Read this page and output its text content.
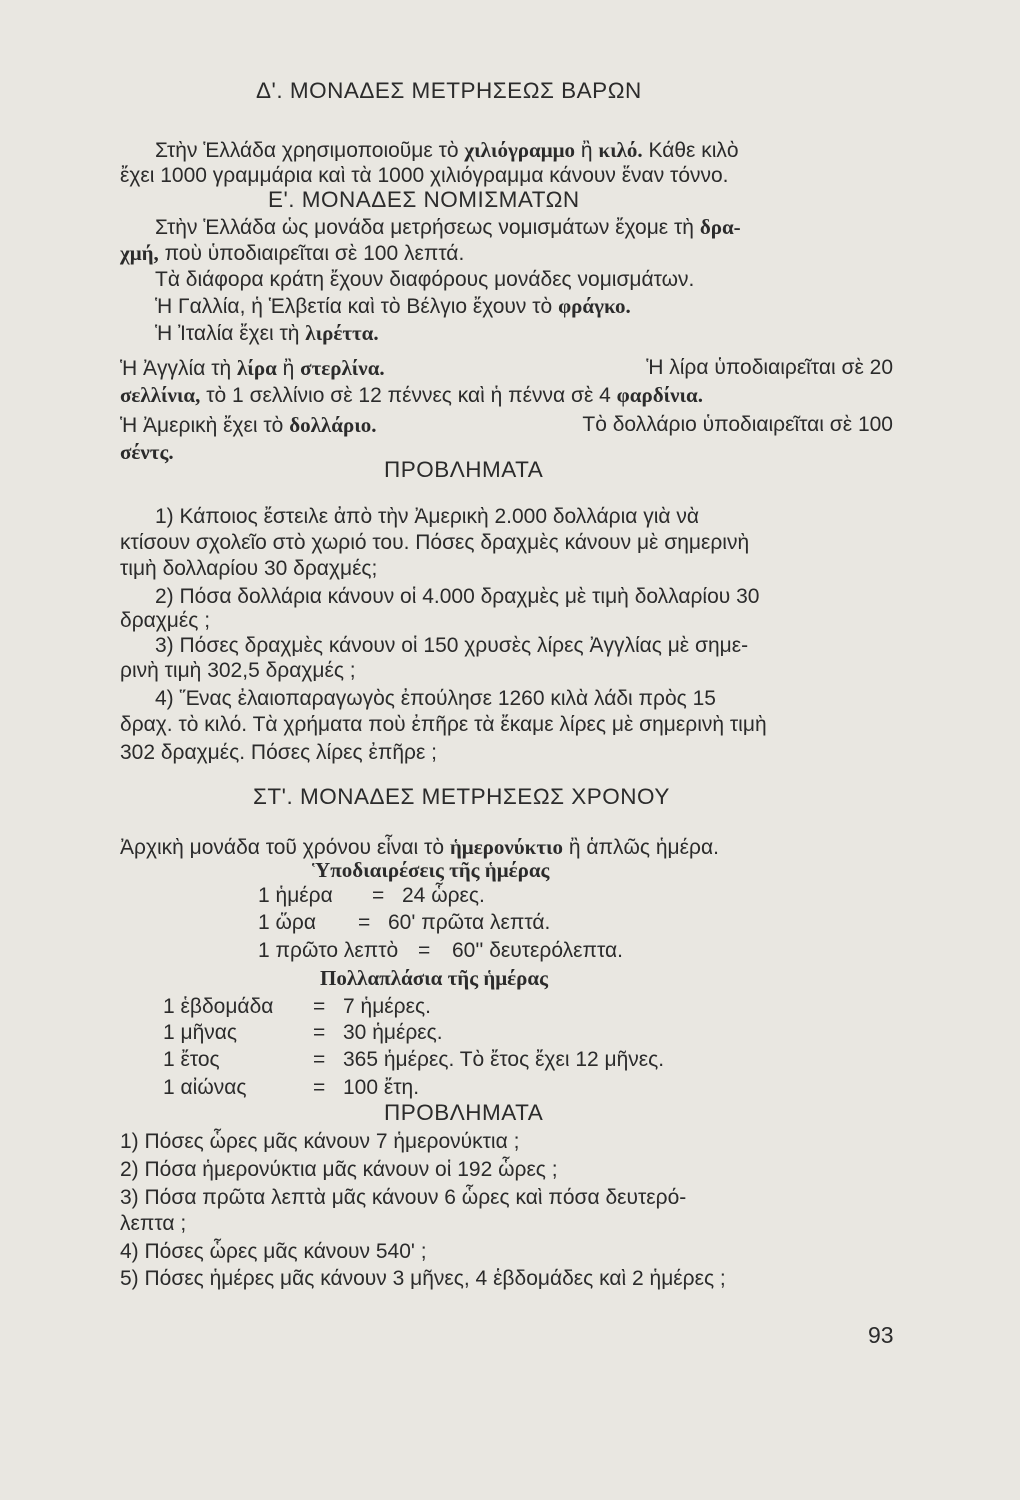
Δ'. ΜΟΝΑΔΕΣ ΜΕΤΡΗΣΕΩΣ ΒΑΡΩΝ
Στὴν Ἑλλάδα χρησιμοποιοῦμε τὸ χιλιόγραμμο ἢ κιλό. Κάθε κιλὸ
ἔχει 1000 γραμμάρια καὶ τὰ 1000 χιλιόγραμμα κάνουν ἕναν τόννο.
Ε'. ΜΟΝΑΔΕΣ ΝΟΜΙΣΜΑΤΩΝ
Στὴν Ἑλλάδα ὡς μονάδα μετρήσεως νομισμάτων ἔχομε τὴ δρα-
χμή, ποὺ ὑποδιαιρεῖται σὲ 100 λεπτά.
Τὰ διάφορα κράτη ἔχουν διαφόρους μονάδες νομισμάτων.
Ἡ Γαλλία, ἡ Ἑλβετία καὶ τὸ Βέλγιο ἔχουν τὸ φράγκο.
Ἡ Ἰταλία ἔχει τὴ λιρέττα.
Ἡ Ἀγγλία τὴ λίρα ἢ στερλίνα.	Ἡ λίρα ὑποδιαιρεῖται σὲ 20
σελλίνια, τὸ 1 σελλίνιο σὲ 12 πέννες καὶ ἡ πέννα σὲ 4 φαρδίνια.
Ἡ Ἀμερικὴ ἔχει τὸ δολλάριο.	Τὸ δολλάριο ὑποδιαιρεῖται σὲ 100
σέντς.
ΠΡΟΒΛΗΜΑΤΑ
1) Κάποιος ἔστειλε ἀπὸ τὴν Ἀμερικὴ 2.000 δολλάρια γιὰ νὰ
κτίσουν σχολεῖο στὸ χωριό του. Πόσες δραχμὲς κάνουν μὲ σημερινὴ
τιμὴ δολλαρίου 30 δραχμές;
2) Πόσα δολλάρια κάνουν οἱ 4.000 δραχμὲς μὲ τιμὴ δολλαρίου 30
δραχμές ;
3) Πόσες δραχμὲς κάνουν οἱ 150 χρυσὲς λίρες Ἀγγλίας μὲ σημε-
ρινὴ τιμὴ 302,5 δραχμές ;
4) Ἕνας ἐλαιοπαραγωγὸς ἐπούλησε 1260 κιλὰ λάδι πρὸς 15
δραχ. τὸ κιλό. Τὰ χρήματα ποὺ ἐπῆρε τὰ ἔκαμε λίρες μὲ σημερινὴ τιμὴ
302 δραχμές. Πόσες λίρες ἐπῆρε ;
ΣΤ'. ΜΟΝΑΔΕΣ ΜΕΤΡΗΣΕΩΣ ΧΡΟΝΟΥ
Ἀρχικὴ μονάδα τοῦ χρόνου εἶναι τὸ ἡμερονύκτιο ἢ ἁπλῶς ἡμέρα.
Ὑποδιαιρέσεις τῆς ἡμέρας
1 ἡμέρα = 24 ὧρες.
1 ὥρα = 60' πρῶτα λεπτά.
1 πρῶτο λεπτὸ = 60'' δευτερόλεπτα.
Πολλαπλάσια τῆς ἡμέρας
1 ἑβδομάδα = 7 ἡμέρες.
1 μῆνας	= 30 ἡμέρες.
1 ἔτος	= 365 ἡμέρες. Τὸ ἔτος ἔχει 12 μῆνες.
1 αἰώνας	= 100 ἔτη.
ΠΡΟΒΛΗΜΑΤΑ
1) Πόσες ὧρες μᾶς κάνουν 7 ἡμερονύκτια ;
2) Πόσα ἡμερονύκτια μᾶς κάνουν οἱ 192 ὧρες ;
3) Πόσα πρῶτα λεπτὰ μᾶς κάνουν 6 ὧρες καὶ πόσα δευτερό-
λεπτα ;
4) Πόσες ὧρες μᾶς κάνουν 540' ;
5) Πόσες ἡμέρες μᾶς κάνουν 3 μῆνες, 4 ἑβδομάδες καὶ 2 ἡμέρες ;
93
